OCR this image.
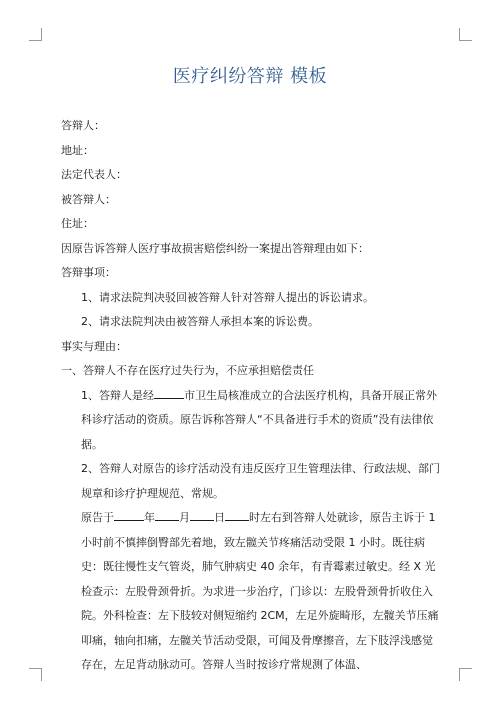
医疗纠纷答辩 模板

答辩人：

地址：

法定代表人：

被答辩人：

住址：

因原告诉答辩人医疗事故损害赔偿纠纷一案提出答辩理由如下：

答辩事项：

1、请求法院判决驳回被答辩人针对答辩人提出的诉讼请求。

2、请求法院判决由被答辩人承担本案的诉讼费。

事实与理由：

一、答辩人不存在医疗过失行为，不应承担赔偿责任

1、答辩人是经	市卫生局核准成立的合法医疗机构，具备开展正常外科诊疗活动的资质。原告诉称答辩人“不具备进行手术的资质”没有法律依据。

2、答辩人对原告的诊疗活动没有违反医疗卫生管理法律、行政法规、部门规章和诊疗护理规范、常规。

原告于	年 月 日 时左右到答辩人处就诊，原告主诉于 1 小时前不慎摔倒臀部先着地，致左髋关节疼痛活动受限 1 小时。既往病史：既往慢性支气管炎，肺气肿病史 40 余年，有青霉素过敏史。经 X 光检查示：左股骨颈骨折。为求进一步治疗，门诊以：左股骨颈骨折收住入院。外科检查：左下肢较对侧短缩约 2CM，左足外旋畸形，左髋关节压痛叩痛，轴向扣痛，左髋关节活动受限，可闻及骨摩擦音，左下肢浮浅感觉存在，左足背动脉动可。答辩人当时按诊疗常规测了体温、
